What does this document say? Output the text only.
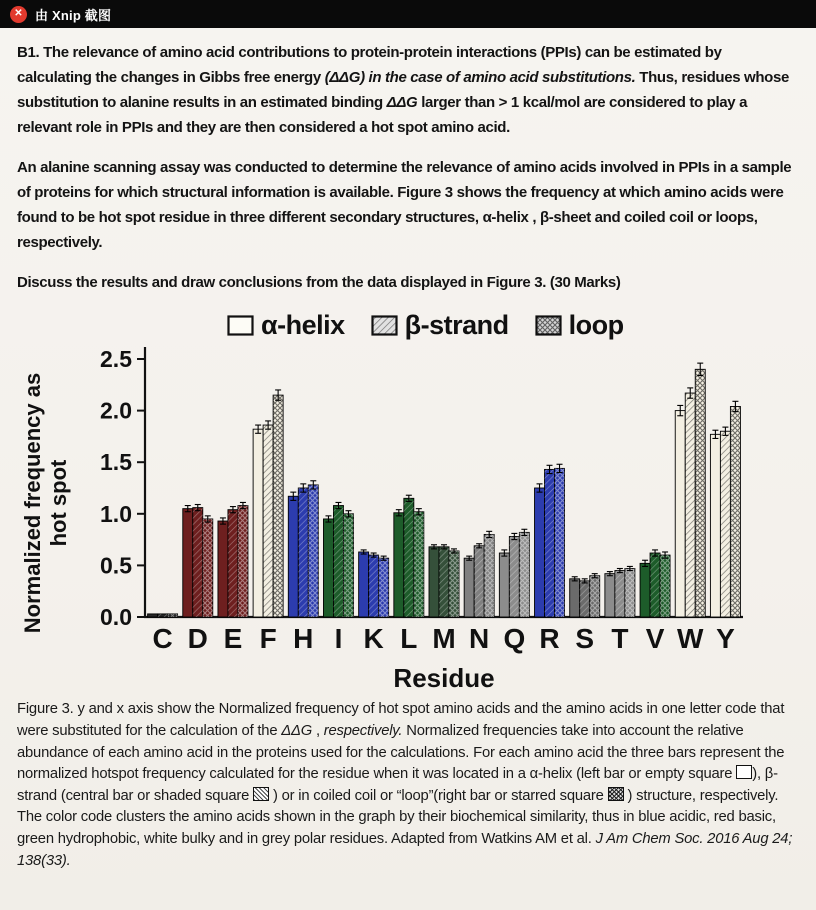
✕ 由 Xnip 截图

B1. The relevance of amino acid contributions to protein-protein interactions (PPIs) can be estimated by calculating the changes in Gibbs free energy (ΔΔG) in the case of amino acid substitutions. Thus, residues whose substitution to alanine results in an estimated binding ΔΔG larger than > 1 kcal/mol are considered to play a relevant role in PPIs and they are then considered a hot spot amino acid.

An alanine scanning assay was conducted to determine the relevance of amino acids involved in PPIs in a sample of proteins for which structural information is available. Figure 3 shows the frequency at which amino acids were found to be hot spot residue in three different secondary structures, α-helix , β-sheet and coiled coil or loops, respectively.

Discuss the results and draw conclusions from the data displayed in Figure 3. (30 Marks)

α-helix β-strand loop
Normalized frequency as hot spot
Residue
0.0
0.5
1.0
1.5
2.0
2.5
C D E F H I K L M N Q R S T V W Y

Figure 3. y and x axis show the Normalized frequency of hot spot amino acids and the amino acids in one letter code that were substituted for the calculation of the ΔΔG , respectively. Normalized frequencies take into account the relative abundance of each amino acid in the proteins used for the calculations. For each amino acid the three bars represent the normalized hotspot frequency calculated for the residue when it was located in a α-helix (left bar or empty square ), β-strand (central bar or shaded square  ) or in coiled coil or “loop”(right bar or starred square  ) structure, respectively. The color code clusters the amino acids shown in the graph by their biochemical similarity, thus in blue acidic, red basic, green hydrophobic, white bulky and in grey polar residues. Adapted from Watkins AM et al. J Am Chem Soc. 2016 Aug 24; 138(33).
